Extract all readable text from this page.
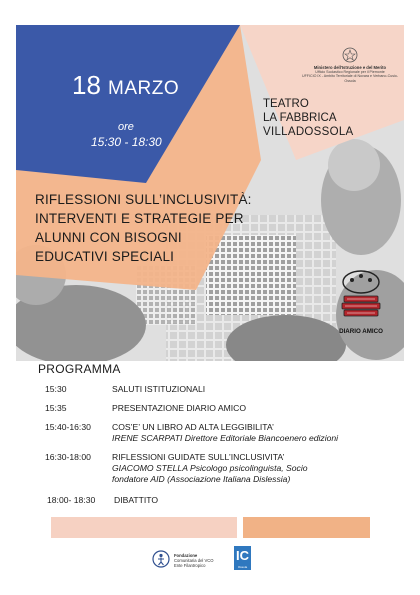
18 MARZO
ore
15:30 - 18:30
Ministero dell'Istruzione e del Merito
Ufficio Scolastico Regionale per il Piemonte
UFFICIO IX - Ambito Territoriale di Novara e Verbano-Cusio-Ossola
TEATRO
LA FABBRICA
VILLADOSSOLA
RIFLESSIONI SULL’INCLUSIVITÀ:
INTERVENTI E STRATEGIE PER
ALUNNI CON BISOGNI
EDUCATIVI SPECIALI
DIARIO AMICO
PROGRAMMA
15:30	SALUTI ISTITUZIONALI
15:35	PRESENTAZIONE DIARIO AMICO
15:40-16:30 COS’E’ UN LIBRO AD ALTA LEGGIBILITA’
IRENE SCARPATI Direttore Editoriale Biancoenero edizioni
16:30-18:00 RIFLESSIONI GUIDATE SULL’INCLUSIVITA’
GIACOMO STELLA Psicologo psicolinguista, Socio
fondatore AID (Associazione Italiana Dislessia)
18:00- 18:30 DIBATTITO
Fondazione
Comunitaria del VCO
Ente Filantropico
IC
Ossola
